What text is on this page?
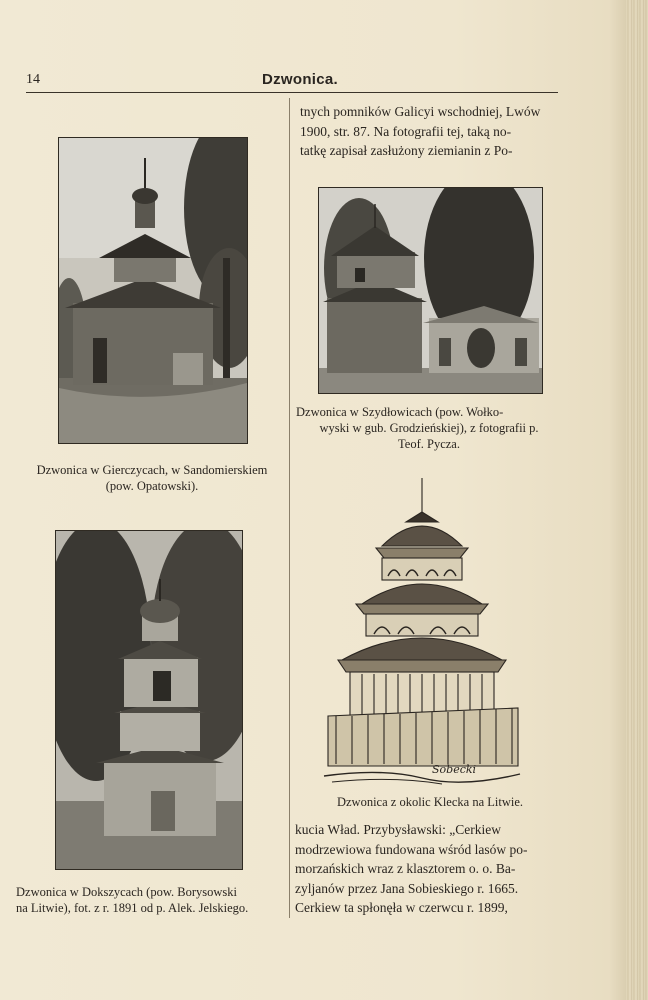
14	Dzwonica.
Dzwonica w Gierczycach, w Sandomierskiem
(pow. Opatowski).
Dzwonica w Dokszycach (pow. Borysowski
na Litwie), fot. z r. 1891 od p. Alek. Jelskiego.
tnych pomników Galicyi wschodniej, Lwów
1900, str. 87. Na fotografii tej, taką no-
tatkę zapisał zasłużony ziemianin z Po-
Dzwonica w Szydłowicach (pow. Wołko-
wyski w gub. Grodzieńskiej), z fotografii p.
Teof. Pycza.
Sobecki
Dzwonica z okolic Klecka na Litwie.
kucia Wład. Przybysławski: „Cerkiew
modrzewiowa fundowana wśród lasów po-
morzańskich wraz z klasztorem o. o. Ba-
zyljanów przez Jana Sobieskiego r. 1665.
Cerkiew ta spłonęła w czerwcu r. 1899,
